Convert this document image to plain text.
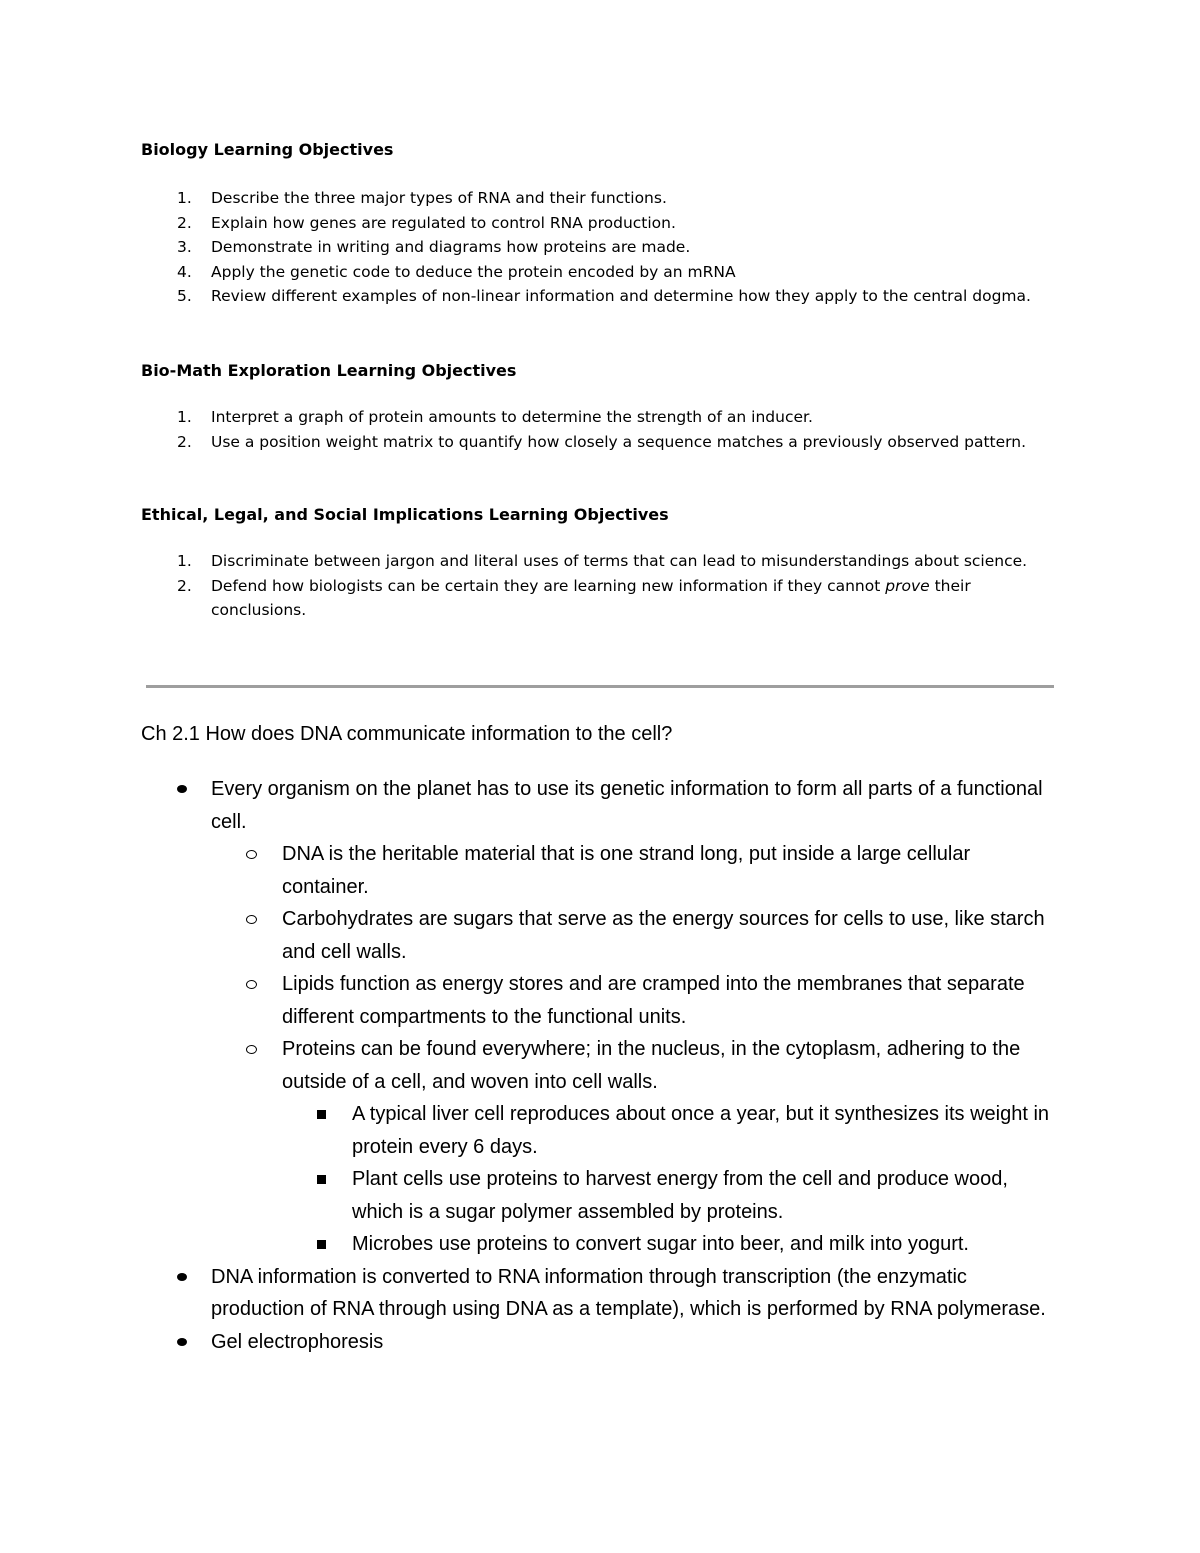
Biology Learning Objectives
1. Describe the three major types of RNA and their functions.
2. Explain how genes are regulated to control RNA production.
3. Demonstrate in writing and diagrams how proteins are made.
4. Apply the genetic code to deduce the protein encoded by an mRNA
5. Review different examples of non-linear information and determine how they apply to the central dogma.
Bio-Math Exploration Learning Objectives
1. Interpret a graph of protein amounts to determine the strength of an inducer.
2. Use a position weight matrix to quantify how closely a sequence matches a previously observed pattern.
Ethical, Legal, and Social Implications Learning Objectives
1. Discriminate between jargon and literal uses of terms that can lead to misunderstandings about science.
2. Defend how biologists can be certain they are learning new information if they cannot prove their conclusions.
Ch 2.1 How does DNA communicate information to the cell?
Every organism on the planet has to use its genetic information to form all parts of a functional cell.
DNA is the heritable material that is one strand long, put inside a large cellular container.
Carbohydrates are sugars that serve as the energy sources for cells to use, like starch and cell walls.
Lipids function as energy stores and are cramped into the membranes that separate different compartments to the functional units.
Proteins can be found everywhere; in the nucleus, in the cytoplasm, adhering to the outside of a cell, and woven into cell walls.
A typical liver cell reproduces about once a year, but it synthesizes its weight in protein every 6 days.
Plant cells use proteins to harvest energy from the cell and produce wood, which is a sugar polymer assembled by proteins.
Microbes use proteins to convert sugar into beer, and milk into yogurt.
DNA information is converted to RNA information through transcription (the enzymatic production of RNA through using DNA as a template), which is performed by RNA polymerase.
Gel electrophoresis
